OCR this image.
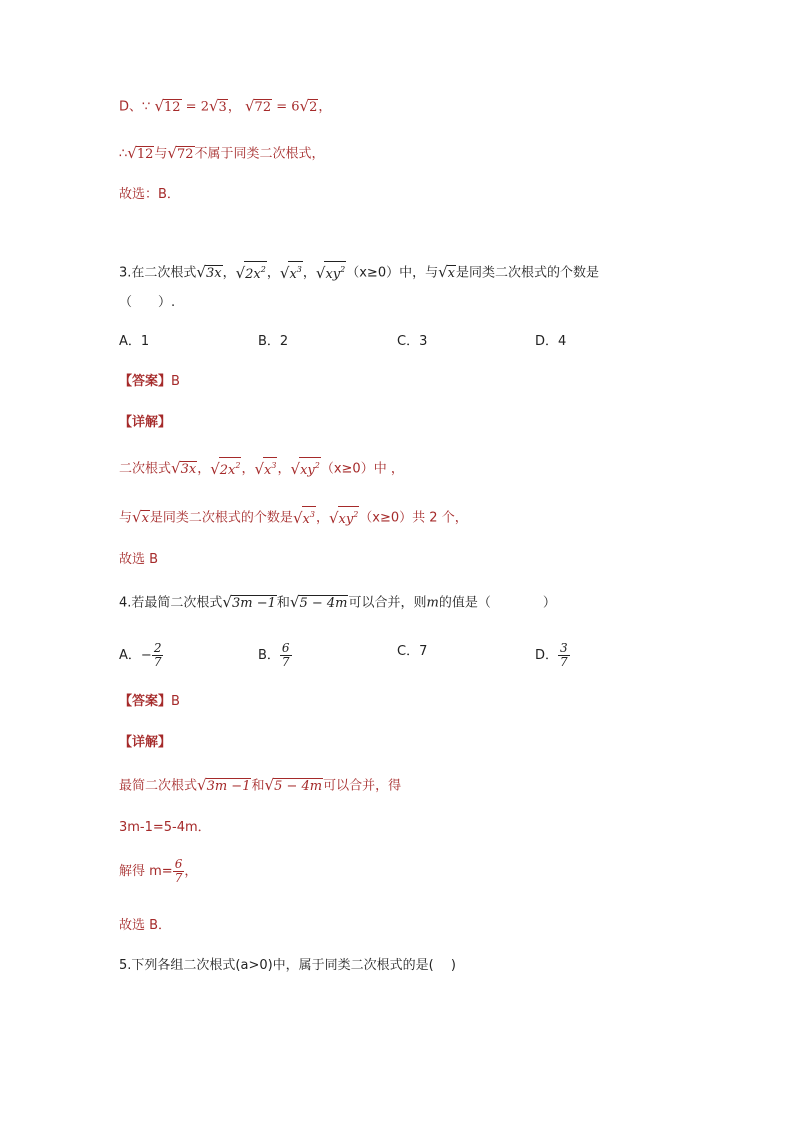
D、∵ √12 = 2√3， √72 = 6√2，
∴√12与√72不属于同类二次根式，
故选：B．
3.在二次根式√3x，$√2x^2$，$√x^3$，$√xy^2(x\ge 0)$中，与√x是同类二次根式的个数是
（　　）.
A．1	B．2	C．3	D．4
【答案】B
【详解】
二次根式√3x，$√2x^2$，$√x^3$，$√xy^2(x\ge 0)$中 ，
与√x是同类二次根式的个数是$√x^3$，$√xy^2(x\ge 0)$共 2 个，
故选 B
4.若最简二次根式√3m −1和√5 − 4m可以合并，则m的值是（　　　　）
A．− $\frac{2}{7}$	B． $\frac{6}{7}$	C．7	D． $\frac{3}{7}$
【答案】B
【详解】
最简二次根式√3m −1和√5 − 4m可以合并，得
3m-1=5-4m．
解得 $m= \frac{6}{7}$ ，
故选 B．
5.下列各组二次根式(a>0)中，属于同类二次根式的是(　 )
